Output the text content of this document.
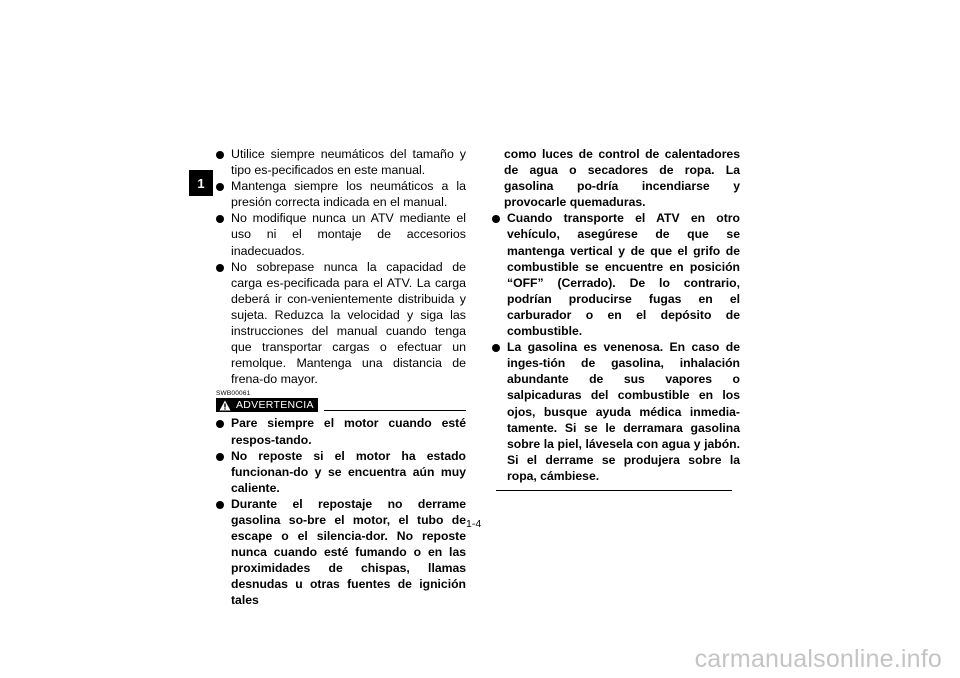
1
Utilice siempre neumáticos del tamaño y tipo es-pecificados en este manual.
Mantenga siempre los neumáticos a la presión correcta indicada en el manual.
No modifique nunca un ATV mediante el uso ni el montaje de accesorios inadecuados.
No sobrepase nunca la capacidad de carga es-pecificada para el ATV. La carga deberá ir con-venientemente distribuida y sujeta. Reduzca la velocidad y siga las instrucciones del manual cuando tenga que transportar cargas o efectuar un remolque. Mantenga una distancia de frena-do mayor.
SWB00061
ADVERTENCIA
Pare siempre el motor cuando esté respos-tando.
No reposte si el motor ha estado funcionan-do y se encuentra aún muy caliente.
Durante el repostaje no derrame gasolina so-bre el motor, el tubo de escape o el silencia-dor. No reposte nunca cuando esté fumando o en las proximidades de chispas, llamas desnudas u otras fuentes de ignición tales
como luces de control de calentadores de agua o secadores de ropa. La gasolina po-dría incendiarse y provocarle quemaduras.
Cuando transporte el ATV en otro vehículo, asegúrese de que se mantenga vertical y de que el grifo de combustible se encuentre en posición “OFF” (Cerrado). De lo contrario, podrían producirse fugas en el carburador o en el depósito de combustible.
La gasolina es venenosa. En caso de inges-tión de gasolina, inhalación abundante de sus vapores o salpicaduras del combustible en los ojos, busque ayuda médica inmedia-tamente. Si se le derramara gasolina sobre la piel, lávesela con agua y jabón. Si el derrame se produjera sobre la ropa, cámbiese.
1-4
carmanualsonline.info
